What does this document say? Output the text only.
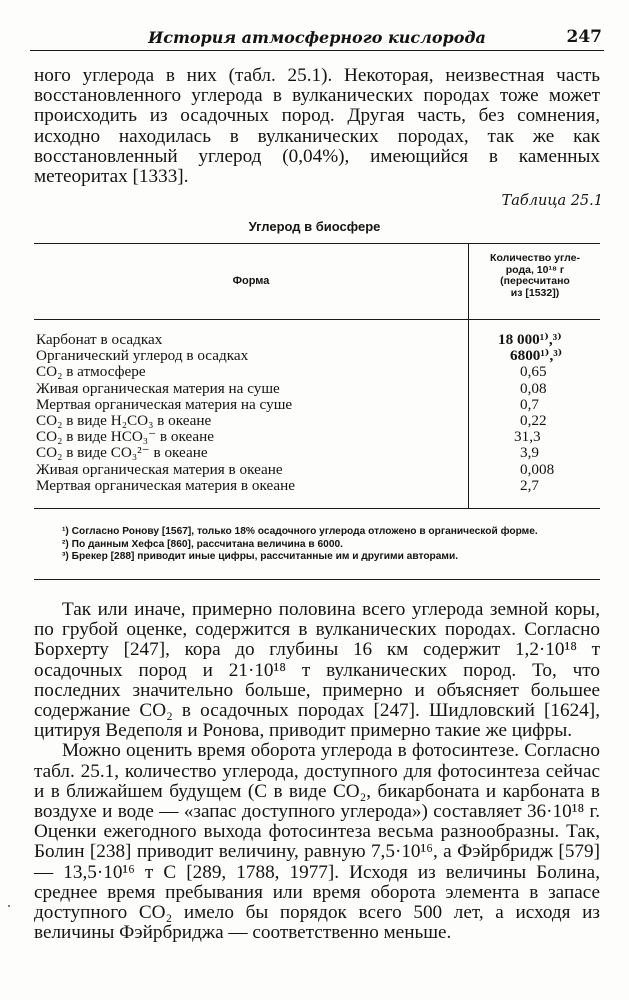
История атмосферного кислорода	247

ного углерода в них (табл. 25.1). Некоторая, неизвестная часть восстановленного углерода в вулканических породах тоже может происходить из осадочных пород. Другая часть, без сомнения, исходно находилась в вулканических породах, так же как восстановленный углерод (0,04%), имеющийся в каменных метеоритах [1333].

Таблица 25.1
Углерод в биосфере
Форма
Количество угле-
рода, 10¹⁸ г
(пересчитано
из [1532])
Карбонат в осадках	18 000¹⁾,³⁾
Органический углерод в осадках	6800¹⁾,³⁾
CO₂ в атмосфере	0,65
Живая органическая материя на суше	0,08
Мертвая органическая материя на суше	0,7
CO₂ в виде H₂CO₃ в океане	0,22
CO₂ в виде HCO₃⁻ в океане	31,3
CO₂ в виде CO₃²⁻ в океане	3,9
Живая органическая материя в океане	0,008
Мертвая органическая материя в океане	2,7

¹) Согласно Ронову [1567], только 18% осадочного углерода отложено в органической форме.

²) По данным Хефса [860], рассчитана величина в 6000.

³) Брекер [288] приводит иные цифры, рассчитанные им и другими авторами.

Так или иначе, примерно половина всего углерода земной коры, по грубой оценке, содержится в вулканических породах. Согласно Борхерту [247], кора до глубины 16 км содержит 1,2·10¹⁸ т осадочных пород и 21·10¹⁸ т вулканических пород. То, что последних значительно больше, примерно и объясняет большее содержание CO₂ в осадочных породах [247]. Шидловский [1624], цитируя Ведеполя и Ронова, приводит примерно такие же цифры.

Можно оценить время оборота углерода в фотосинтезе. Согласно табл. 25.1, количество углерода, доступного для фотосинтеза сейчас и в ближайшем будущем (C в виде CO₂, бикарбоната и карбоната в воздухе и воде — «запас доступного углерода») составляет 36·10¹⁸ г. Оценки ежегодного выхода фотосинтеза весьма разнообразны. Так, Болин [238] приводит величину, равную 7,5·10¹⁶, а Фэйрбридж [579] — 13,5·10¹⁶ т C [289, 1788, 1977]. Исходя из величины Болина, среднее время пребывания или время оборота элемента в запасе доступного CO₂ имело бы порядок всего 500 лет, а исходя из величины Фэйрбриджа — соответственно меньше.
